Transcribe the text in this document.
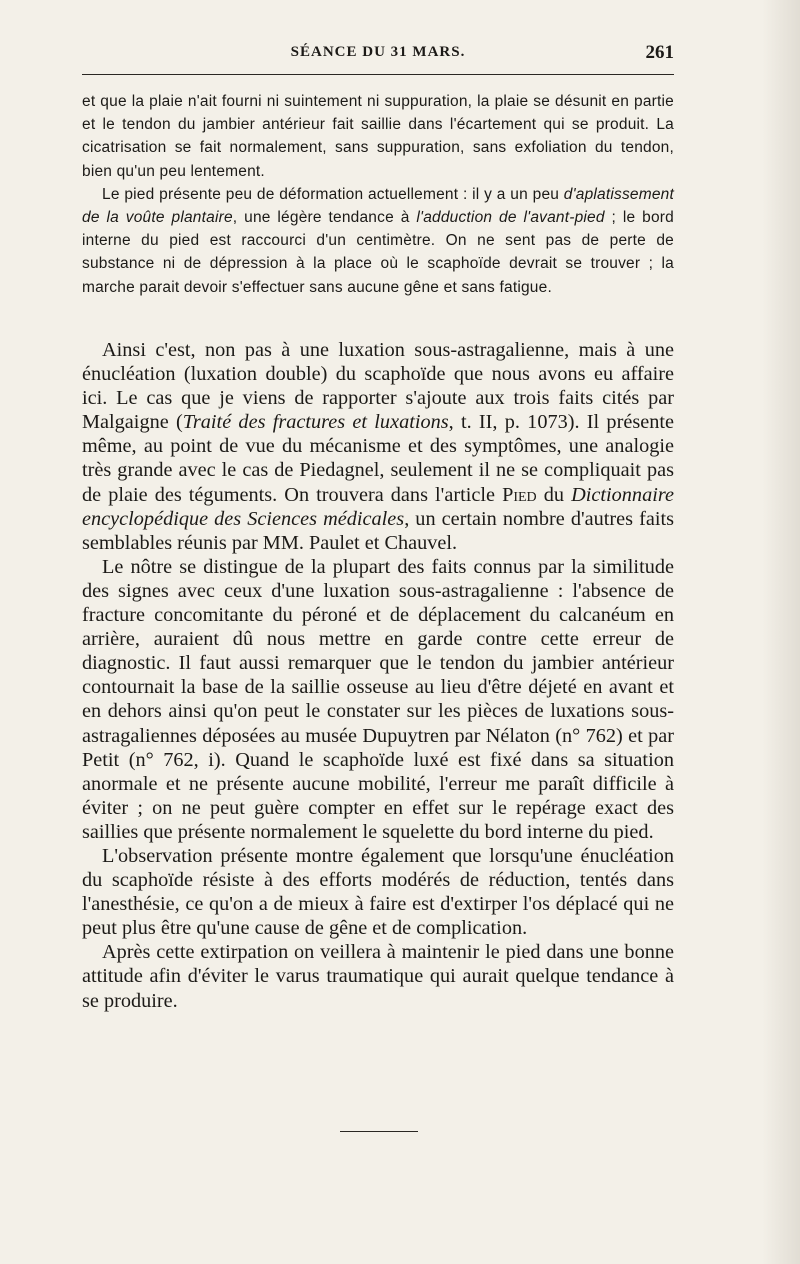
SÉANCE DU 31 MARS.	261

et que la plaie n'ait fourni ni suintement ni suppuration, la plaie se désunit en partie et le tendon du jambier antérieur fait saillie dans l'écartement qui se produit. La cicatrisation se fait normalement, sans suppuration, sans exfoliation du tendon, bien qu'un peu lentement.

Le pied présente peu de déformation actuellement : il y a un peu d'aplatissement de la voûte plantaire, une légère tendance à l'adduction de l'avant-pied ; le bord interne du pied est raccourci d'un centimètre. On ne sent pas de perte de substance ni de dépression à la place où le scaphoïde devrait se trouver ; la marche parait devoir s'effectuer sans aucune gêne et sans fatigue.

Ainsi c'est, non pas à une luxation sous-astragalienne, mais à une énucléation (luxation double) du scaphoïde que nous avons eu affaire ici. Le cas que je viens de rapporter s'ajoute aux trois faits cités par Malgaigne (Traité des fractures et luxations, t. II, p. 1073). Il présente même, au point de vue du mécanisme et des symptômes, une analogie très grande avec le cas de Piedagnel, seulement il ne se compliquait pas de plaie des téguments. On trouvera dans l'article Pied du Dictionnaire encyclopédique des Sciences médicales, un certain nombre d'autres faits semblables réunis par MM. Paulet et Chauvel.

Le nôtre se distingue de la plupart des faits connus par la similitude des signes avec ceux d'une luxation sous-astragalienne : l'absence de fracture concomitante du péroné et de déplacement du calcanéum en arrière, auraient dû nous mettre en garde contre cette erreur de diagnostic. Il faut aussi remarquer que le tendon du jambier antérieur contournait la base de la saillie osseuse au lieu d'être déjeté en avant et en dehors ainsi qu'on peut le constater sur les pièces de luxations sous-astragaliennes déposées au musée Dupuytren par Nélaton (n° 762) et par Petit (n° 762, i). Quand le scaphoïde luxé est fixé dans sa situation anormale et ne présente aucune mobilité, l'erreur me paraît difficile à éviter ; on ne peut guère compter en effet sur le repérage exact des saillies que présente normalement le squelette du bord interne du pied.

L'observation présente montre également que lorsqu'une énucléation du scaphoïde résiste à des efforts modérés de réduction, tentés dans l'anesthésie, ce qu'on a de mieux à faire est d'extirper l'os déplacé qui ne peut plus être qu'une cause de gêne et de complication.

Après cette extirpation on veillera à maintenir le pied dans une bonne attitude afin d'éviter le varus traumatique qui aurait quelque tendance à se produire.
